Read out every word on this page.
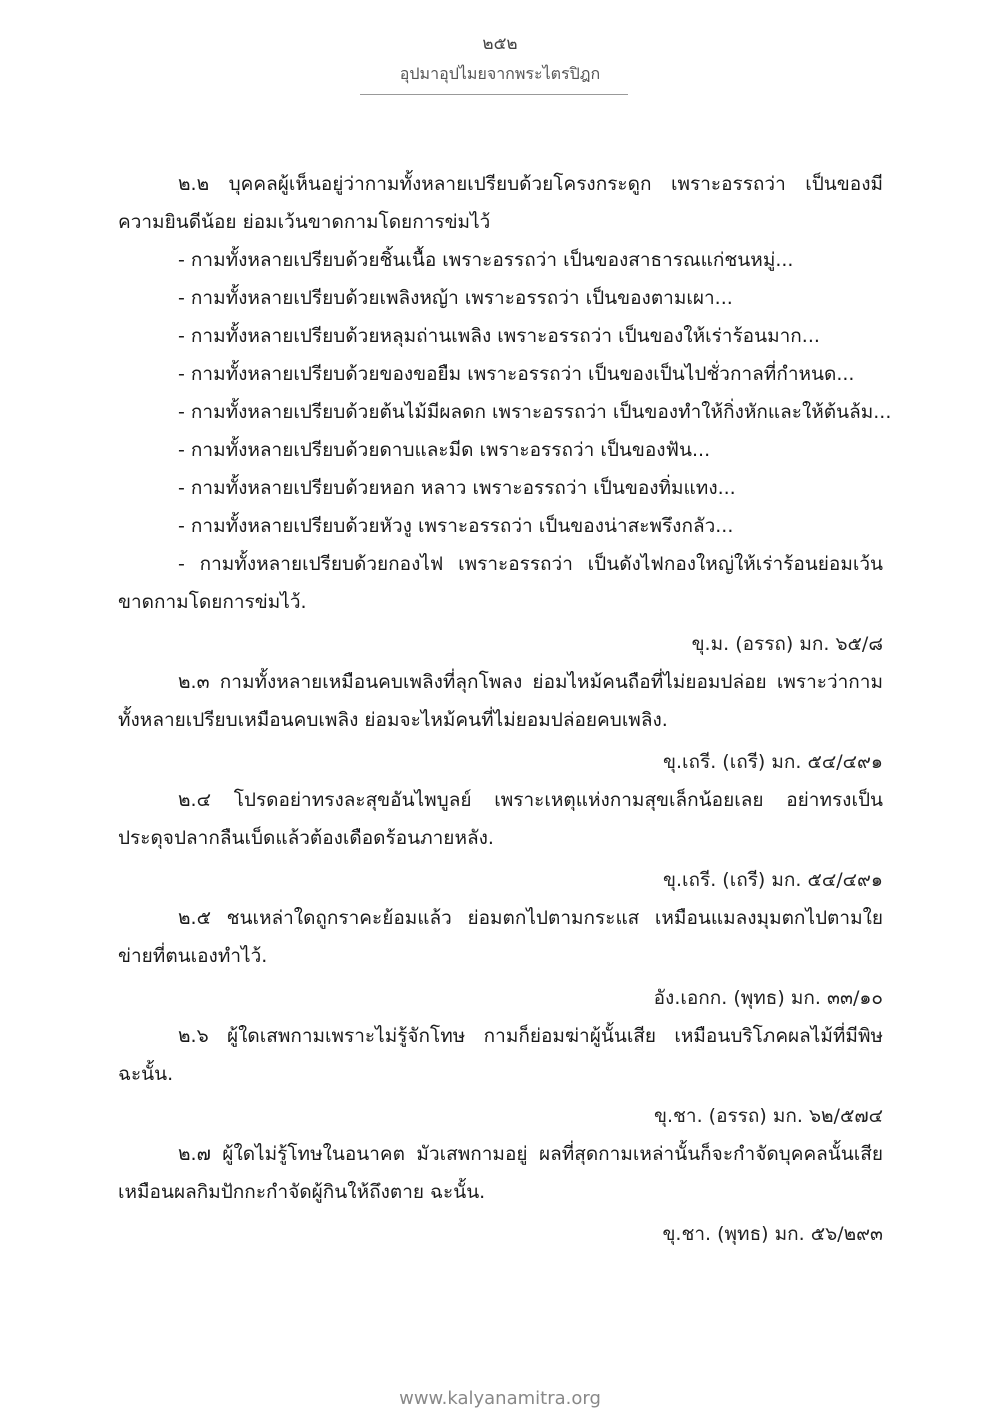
๒๕๒
อุปมาอุปไมยจากพระไตรปิฎก

๒.๒ บุคคลผู้เห็นอยู่ว่ากามทั้งหลายเปรียบด้วยโครงกระดูก เพราะอรรถว่า เป็นของมีความยินดีน้อย ย่อมเว้นขาดกามโดยการข่มไว้

- กามทั้งหลายเปรียบด้วยชิ้นเนื้อ เพราะอรรถว่า เป็นของสาธารณแก่ชนหมู่...

- กามทั้งหลายเปรียบด้วยเพลิงหญ้า เพราะอรรถว่า เป็นของตามเผา...

- กามทั้งหลายเปรียบด้วยหลุมถ่านเพลิง เพราะอรรถว่า เป็นของให้เร่าร้อนมาก...

- กามทั้งหลายเปรียบด้วยของขอยืม เพราะอรรถว่า เป็นของเป็นไปชั่วกาลที่กำหนด...

- กามทั้งหลายเปรียบด้วยต้นไม้มีผลดก เพราะอรรถว่า เป็นของทำให้กิ่งหักและให้ต้นล้ม...

- กามทั้งหลายเปรียบด้วยดาบและมีด เพราะอรรถว่า เป็นของฟัน...

- กามทั้งหลายเปรียบด้วยหอก หลาว เพราะอรรถว่า เป็นของทิ่มแทง...

- กามทั้งหลายเปรียบด้วยหัวงู เพราะอรรถว่า เป็นของน่าสะพรึงกลัว...

- กามทั้งหลายเปรียบด้วยกองไฟ เพราะอรรถว่า เป็นดังไฟกองใหญ่ให้เร่าร้อนย่อมเว้นขาดกามโดยการข่มไว้.

ขุ.ม. (อรรถ) มก. ๖๕/๘

๒.๓ กามทั้งหลายเหมือนคบเพลิงที่ลุกโพลง ย่อมไหม้คนถือที่ไม่ยอมปล่อย เพราะว่ากามทั้งหลายเปรียบเหมือนคบเพลิง ย่อมจะไหม้คนที่ไม่ยอมปล่อยคบเพลิง.

ขุ.เถรี. (เถรี) มก. ๕๔/๔๙๑

๒.๔ โปรดอย่าทรงละสุขอันไพบูลย์ เพราะเหตุแห่งกามสุขเล็กน้อยเลย อย่าทรงเป็นประดุจปลากลืนเบ็ดแล้วต้องเดือดร้อนภายหลัง.

ขุ.เถรี. (เถรี) มก. ๕๔/๔๙๑

๒.๕ ชนเหล่าใดถูกราคะย้อมแล้ว ย่อมตกไปตามกระแส เหมือนแมลงมุมตกไปตามใยข่ายที่ตนเองทำไว้.

อัง.เอกก. (พุทธ) มก. ๓๓/๑๐

๒.๖ ผู้ใดเสพกามเพราะไม่รู้จักโทษ กามก็ย่อมฆ่าผู้นั้นเสีย เหมือนบริโภคผลไม้ที่มีพิษฉะนั้น.

ขุ.ชา. (อรรถ) มก. ๖๒/๕๗๔

๒.๗ ผู้ใดไม่รู้โทษในอนาคต มัวเสพกามอยู่ ผลที่สุดกามเหล่านั้นก็จะกำจัดบุคคลนั้นเสียเหมือนผลกิมปักกะกำจัดผู้กินให้ถึงตาย ฉะนั้น.

ขุ.ชา. (พุทธ) มก. ๕๖/๒๙๓

www.kalyanamitra.org
